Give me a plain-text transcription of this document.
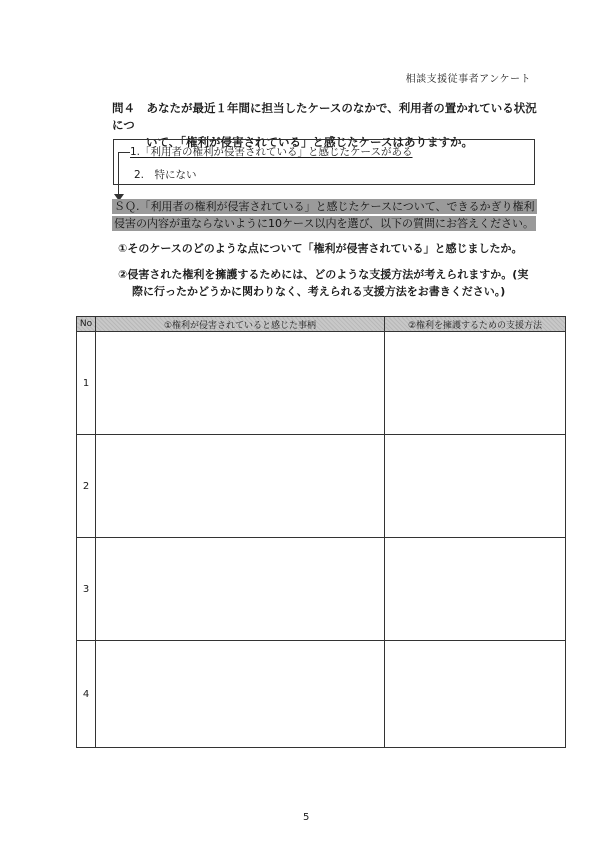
相談支援従事者アンケート
問４　あなたが最近１年間に担当したケースのなかで、利用者の置かれている状況につ
いて、「権利が侵害されている」と感じたケースはありますか。
1.「利用者の権利が侵害されている」と感じたケースがある
2.　特にない
ＳＱ.「利用者の権利が侵害されている」と感じたケースについて、できるかぎり権利
侵害の内容が重ならないように10ケース以内を選び、以下の質問にお答えください。
①そのケースのどのような点について「権利が侵害されている」と感じましたか。
②侵害された権利を擁護するためには、どのような支援方法が考えられますか。(実
際に行ったかどうかに関わりなく、考えられる支援方法をお書きください。)
No	①権利が侵害されていると感じた事柄	②権利を擁護するための支援方法
1		
2		
3		
4		
5
